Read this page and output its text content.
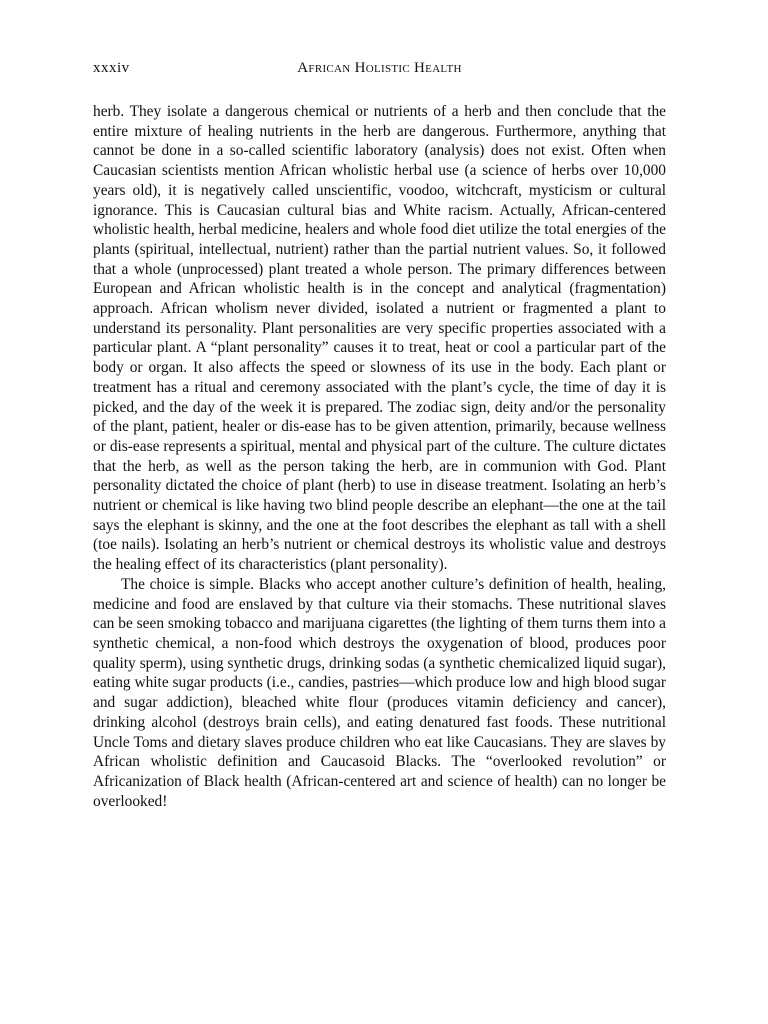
xxxiv	African Holistic Health

herb. They isolate a dangerous chemical or nutrients of a herb and then conclude that the entire mixture of healing nutrients in the herb are dangerous. Furthermore, anything that cannot be done in a so-called scientific laboratory (analysis) does not exist. Often when Caucasian scientists mention African wholistic herbal use (a science of herbs over 10,000 years old), it is negatively called unscientific, voodoo, witchcraft, mysticism or cultural ignorance. This is Caucasian cultural bias and White racism. Actually, African-centered wholistic health, herbal medicine, healers and whole food diet utilize the total energies of the plants (spiritual, intellectual, nutrient) rather than the partial nutrient values. So, it followed that a whole (unprocessed) plant treated a whole person. The primary differences between European and African wholistic health is in the concept and analytical (fragmentation) approach. African wholism never divided, isolated a nutrient or fragmented a plant to understand its personality. Plant personalities are very specific properties associated with a particular plant. A “plant personality” causes it to treat, heat or cool a particular part of the body or organ. It also affects the speed or slowness of its use in the body. Each plant or treatment has a ritual and ceremony associated with the plant’s cycle, the time of day it is picked, and the day of the week it is prepared. The zodiac sign, deity and/or the personality of the plant, patient, healer or dis-ease has to be given attention, primarily, because wellness or dis-ease represents a spiritual, mental and physical part of the culture. The culture dictates that the herb, as well as the person taking the herb, are in communion with God. Plant personality dictated the choice of plant (herb) to use in disease treatment. Isolating an herb’s nutrient or chemical is like having two blind people describe an elephant—the one at the tail says the elephant is skinny, and the one at the foot describes the elephant as tall with a shell (toe nails). Isolating an herb’s nutrient or chemical destroys its wholistic value and destroys the healing effect of its characteristics (plant personality).

The choice is simple. Blacks who accept another culture’s definition of health, healing, medicine and food are enslaved by that culture via their stomachs. These nutritional slaves can be seen smoking tobacco and marijuana cigarettes (the lighting of them turns them into a synthetic chemical, a non-food which destroys the oxygenation of blood, produces poor quality sperm), using synthetic drugs, drinking sodas (a synthetic chemicalized liquid sugar), eating white sugar products (i.e., candies, pastries—which produce low and high blood sugar and sugar addiction), bleached white flour (produces vitamin deficiency and cancer), drinking alcohol (destroys brain cells), and eating denatured fast foods. These nutritional Uncle Toms and dietary slaves produce children who eat like Caucasians. They are slaves by African wholistic definition and Caucasoid Blacks. The “overlooked revolution” or Africanization of Black health (African-centered art and science of health) can no longer be overlooked!
